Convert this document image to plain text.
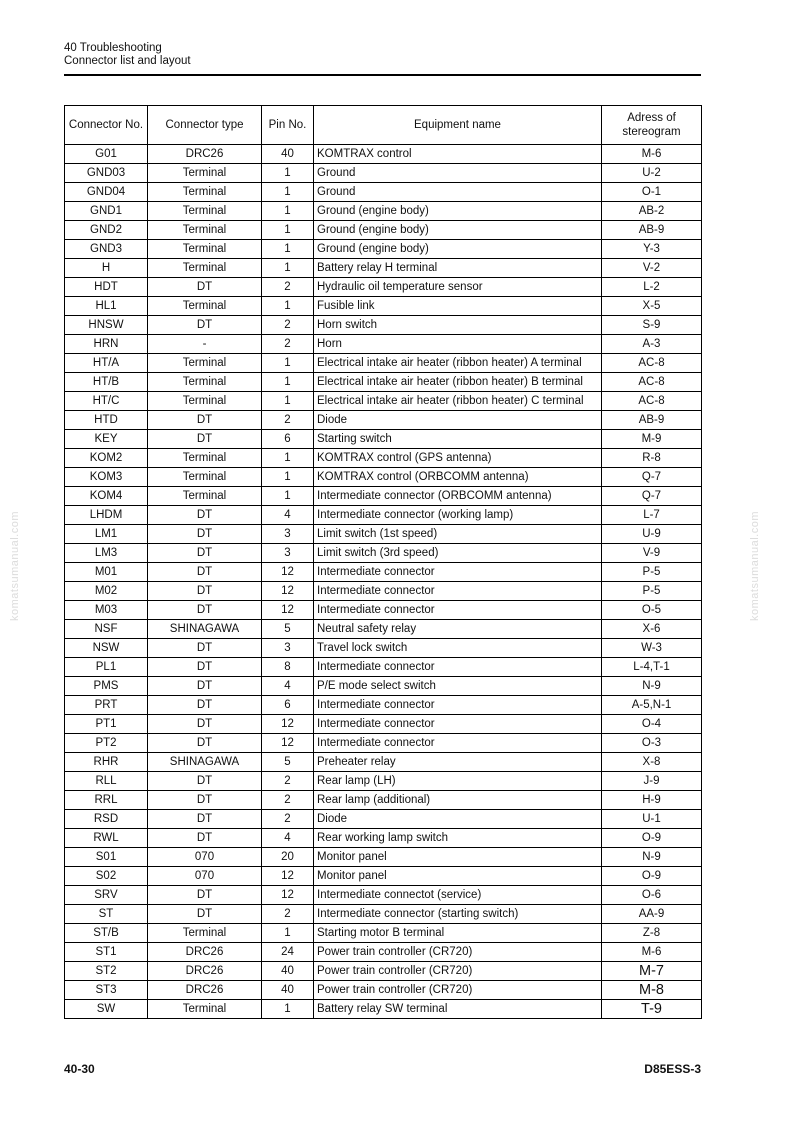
40 Troubleshooting
Connector list and layout
komatsumanual.com	komatsumanual.com
Connector No.	Connector type	Pin No.	Equipment name	Adress of stereogram
G01	DRC26	40	KOMTRAX control	M-6
GND03	Terminal	1	Ground	U-2
GND04	Terminal	1	Ground	O-1
GND1	Terminal	1	Ground (engine body)	AB-2
GND2	Terminal	1	Ground (engine body)	AB-9
GND3	Terminal	1	Ground (engine body)	Y-3
H	Terminal	1	Battery relay H terminal	V-2
HDT	DT	2	Hydraulic oil temperature sensor	L-2
HL1	Terminal	1	Fusible link	X-5
HNSW	DT	2	Horn switch	S-9
HRN	-	2	Horn	A-3
HT/A	Terminal	1	Electrical intake air heater (ribbon heater) A terminal	AC-8
HT/B	Terminal	1	Electrical intake air heater (ribbon heater) B terminal	AC-8
HT/C	Terminal	1	Electrical intake air heater (ribbon heater) C terminal	AC-8
HTD	DT	2	Diode	AB-9
KEY	DT	6	Starting switch	M-9
KOM2	Terminal	1	KOMTRAX control (GPS antenna)	R-8
KOM3	Terminal	1	KOMTRAX control (ORBCOMM antenna)	Q-7
KOM4	Terminal	1	Intermediate connector (ORBCOMM antenna)	Q-7
LHDM	DT	4	Intermediate connector (working lamp)	L-7
LM1	DT	3	Limit switch (1st speed)	U-9
LM3	DT	3	Limit switch (3rd speed)	V-9
M01	DT	12	Intermediate connector	P-5
M02	DT	12	Intermediate connector	P-5
M03	DT	12	Intermediate connector	O-5
NSF	SHINAGAWA	5	Neutral safety relay	X-6
NSW	DT	3	Travel lock switch	W-3
PL1	DT	8	Intermediate connector	L-4,T-1
PMS	DT	4	P/E mode select switch	N-9
PRT	DT	6	Intermediate connector	A-5,N-1
PT1	DT	12	Intermediate connector	O-4
PT2	DT	12	Intermediate connector	O-3
RHR	SHINAGAWA	5	Preheater relay	X-8
RLL	DT	2	Rear lamp (LH)	J-9
RRL	DT	2	Rear lamp (additional)	H-9
RSD	DT	2	Diode	U-1
RWL	DT	4	Rear working lamp switch	O-9
S01	070	20	Monitor panel	N-9
S02	070	12	Monitor panel	O-9
SRV	DT	12	Intermediate connectot (service)	O-6
ST	DT	2	Intermediate connector (starting switch)	AA-9
ST/B	Terminal	1	Starting motor B terminal	Z-8
ST1	DRC26	24	Power train controller (CR720)	M-6
ST2	DRC26	40	Power train controller (CR720)	M-7
ST3	DRC26	40	Power train controller (CR720)	M-8
SW	Terminal	1	Battery relay SW terminal	T-9
40-30	D85ESS-3
